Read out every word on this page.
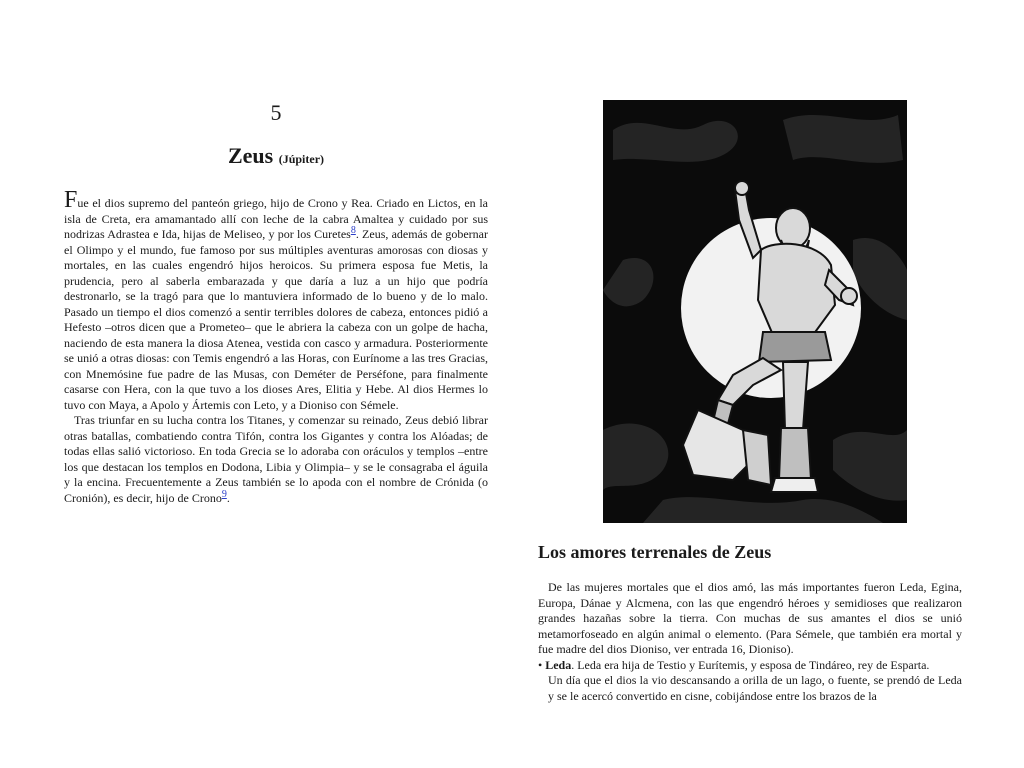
5
Zeus (Júpiter)

Fue el dios supremo del panteón griego, hijo de Crono y Rea. Criado en Lictos, en la isla de Creta, era amamantado allí con leche de la cabra Amaltea y cuidado por sus nodrizas Adrastea e Ida, hijas de Meliseo, y por los Curetes$^8$. Zeus, además de gobernar el Olimpo y el mundo, fue famoso por sus múltiples aventuras amorosas con diosas y mortales, en las cuales engendró hijos heroicos. Su primera esposa fue Metis, la prudencia, pero al saberla embarazada y que daría a luz a un hijo que podría destronarlo, se la tragó para que lo mantuviera informado de lo bueno y de lo malo. Pasado un tiempo el dios comenzó a sentir terribles dolores de cabeza, entonces pidió a Hefesto –otros dicen que a Prometeo– que le abriera la cabeza con un golpe de hacha, naciendo de esta manera la diosa Atenea, vestida con casco y armadura. Posteriormente se unió a otras diosas: con Temis engendró a las Horas, con Eurínome a las tres Gracias, con Mnemósine fue padre de las Musas, con Deméter de Perséfone, para finalmente casarse con Hera, con la que tuvo a los dioses Ares, Elitia y Hebe. Al dios Hermes lo tuvo con Maya, a Apolo y Ártemis con Leto, y a Dioniso con Sémele.

Tras triunfar en su lucha contra los Titanes, y comenzar su reinado, Zeus debió librar otras batallas, combatiendo contra Tifón, contra los Gigantes y contra los Alóadas; de todas ellas salió victorioso. En toda Grecia se lo adoraba con oráculos y templos –entre los que destacan los templos en Dodona, Libia y Olimpia– y se le consagraba el águila y la encina. Frecuentemente a Zeus también se lo apoda con el nombre de Crónida (o Cronión), es decir, hijo de Crono$^9$.

Los amores terrenales de Zeus

De las mujeres mortales que el dios amó, las más importantes fueron Leda, Egina, Europa, Dánae y Alcmena, con las que engendró héroes y semidioses que realizaron grandes hazañas sobre la tierra. Con muchas de sus amantes el dios se unió metamorfoseado en algún animal o elemento. (Para Sémele, que también era mortal y fue madre del dios Dioniso, ver entrada 16, Dioniso).

• Leda. Leda era hija de Testio y Eurítemis, y esposa de Tindáreo, rey de Esparta.

Un día que el dios la vio descansando a orilla de un lago, o fuente, se prendó de Leda y se le acercó convertido en cisne, cobijándose entre los brazos de la
